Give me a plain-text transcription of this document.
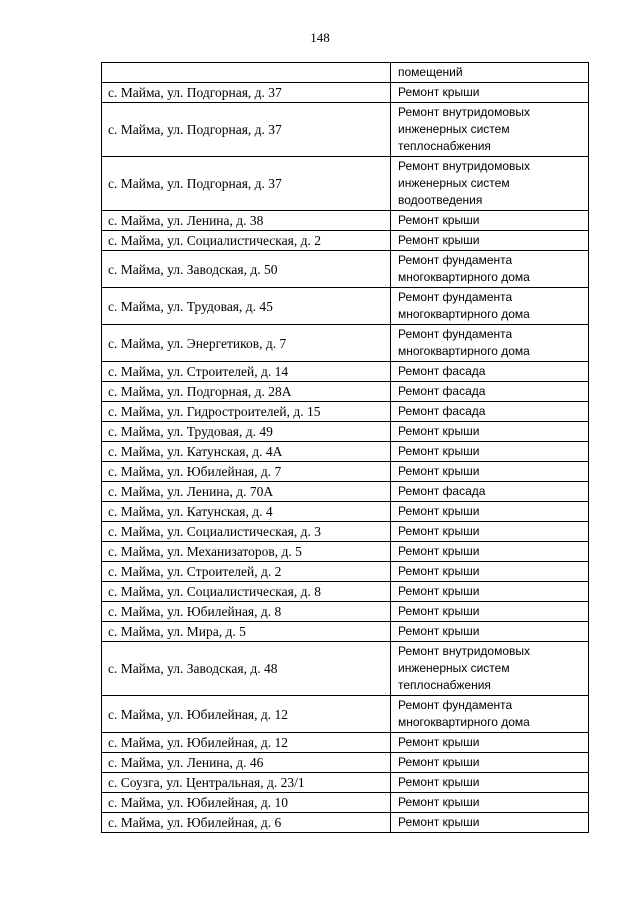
148

	помещений

с. Майма, ул. Подгорная, д. 37	Ремонт крыши

с. Майма, ул. Подгорная, д. 37	Ремонт внутридомовых
инженерных систем
теплоснабжения

с. Майма, ул. Подгорная, д. 37	Ремонт внутридомовых
инженерных систем
водоотведения

с. Майма, ул. Ленина, д. 38	Ремонт крыши

с. Майма, ул. Социалистическая, д. 2	Ремонт крыши

с. Майма, ул. Заводская, д. 50	Ремонт фундамента
многоквартирного дома

с. Майма, ул. Трудовая, д. 45	Ремонт фундамента
многоквартирного дома

с. Майма, ул. Энергетиков, д. 7	Ремонт фундамента
многоквартирного дома

с. Майма, ул. Строителей, д. 14	Ремонт фасада

с. Майма, ул. Подгорная, д. 28А	Ремонт фасада

с. Майма, ул. Гидростроителей, д. 15	Ремонт фасада

с. Майма, ул. Трудовая, д. 49	Ремонт крыши

с. Майма, ул. Катунская, д. 4А	Ремонт крыши

с. Майма, ул. Юбилейная, д. 7	Ремонт крыши

с. Майма, ул. Ленина, д. 70А	Ремонт фасада

с. Майма, ул. Катунская, д. 4	Ремонт крыши

с. Майма, ул. Социалистическая, д. 3	Ремонт крыши

с. Майма, ул. Механизаторов, д. 5	Ремонт крыши

с. Майма, ул. Строителей, д. 2	Ремонт крыши

с. Майма, ул. Социалистическая, д. 8	Ремонт крыши

с. Майма, ул. Юбилейная, д. 8	Ремонт крыши

с. Майма, ул. Мира, д. 5	Ремонт крыши

с. Майма, ул. Заводская, д. 48	Ремонт внутридомовых
инженерных систем
теплоснабжения

с. Майма, ул. Юбилейная, д. 12	Ремонт фундамента
многоквартирного дома

с. Майма, ул. Юбилейная, д. 12	Ремонт крыши

с. Майма, ул. Ленина, д. 46	Ремонт крыши

с. Соузга, ул. Центральная, д. 23/1	Ремонт крыши

с. Майма, ул. Юбилейная, д. 10	Ремонт крыши

с. Майма, ул. Юбилейная, д. 6	Ремонт крыши
